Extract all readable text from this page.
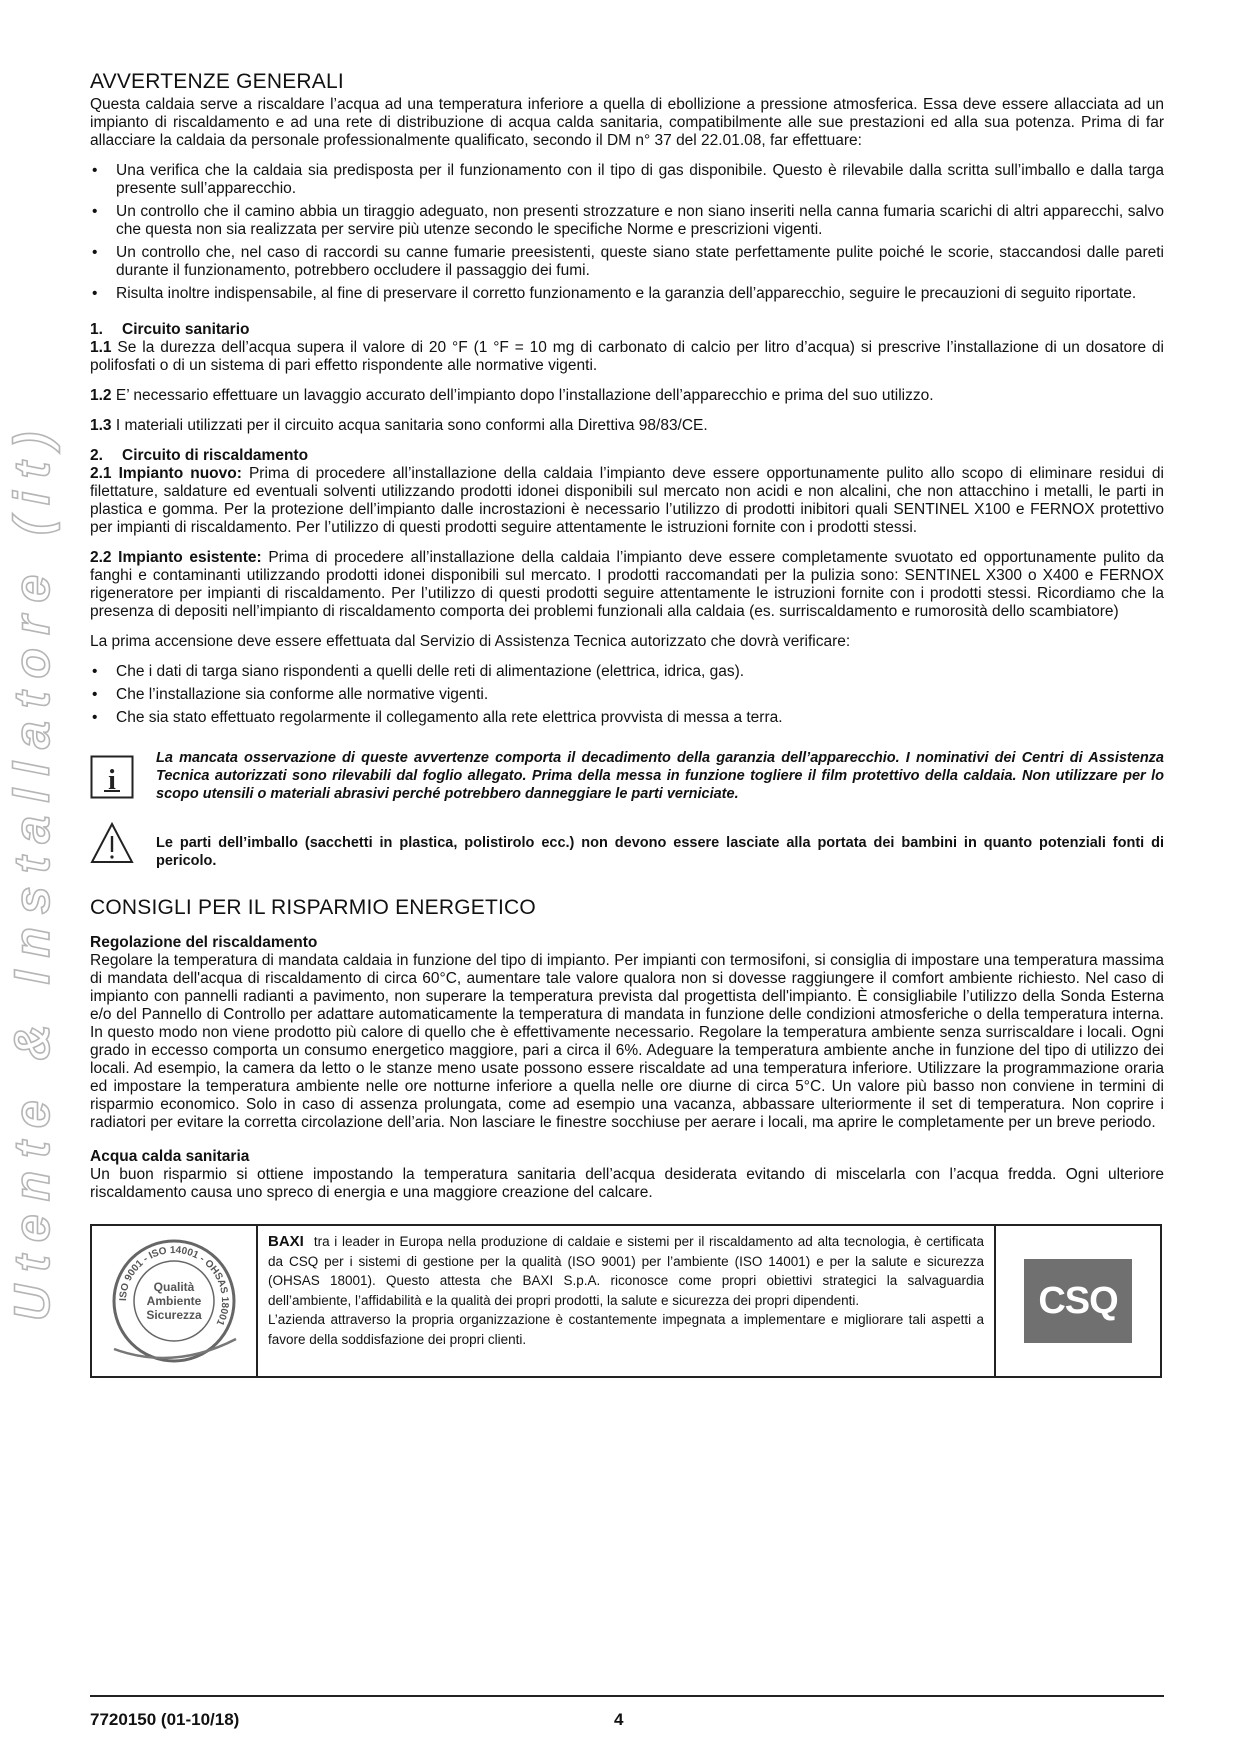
Utente & Installatore (it)
AVVERTENZE GENERALI

Questa caldaia serve a riscaldare l’acqua ad una temperatura inferiore a quella di ebollizione a pressione atmosferica. Essa deve essere allacciata ad un impianto di riscaldamento e ad una rete di distribuzione di acqua calda sanitaria, compatibilmente alle sue prestazioni ed alla sua potenza. Prima di far allacciare la caldaia da personale professionalmente qualificato, secondo il DM n° 37 del 22.01.08, far effettuare:

• Una verifica che la caldaia sia predisposta per il funzionamento con il tipo di gas disponibile. Questo è rilevabile dalla scritta sull’imballo e dalla targa presente sull’apparecchio.
• Un controllo che il camino abbia un tiraggio adeguato, non presenti strozzature e non siano inseriti nella canna fumaria scarichi di altri apparecchi, salvo che questa non sia realizzata per servire più utenze secondo le specifiche Norme e prescrizioni vigenti.
• Un controllo che, nel caso di raccordi su canne fumarie preesistenti, queste siano state perfettamente pulite poiché le scorie, staccandosi dalle pareti durante il funzionamento, potrebbero occludere il passaggio dei fumi.
• Risulta inoltre indispensabile, al fine di preservare il corretto funzionamento e la garanzia dell’apparecchio, seguire le precauzioni di seguito riportate.
1. Circuito sanitario

1.1 Se la durezza dell’acqua supera il valore di 20 °F (1 °F = 10 mg di carbonato di calcio per litro d’acqua) si prescrive l’installazione di un dosatore di polifosfati o di un sistema di pari effetto rispondente alle normative vigenti.

1.2 E’ necessario effettuare un lavaggio accurato dell’impianto dopo l’installazione dell’apparecchio e prima del suo utilizzo.

1.3 I materiali utilizzati per il circuito acqua sanitaria sono conformi alla Direttiva 98/83/CE.

2. Circuito di riscaldamento

2.1 Impianto nuovo: Prima di procedere all’installazione della caldaia l’impianto deve essere opportunamente pulito allo scopo di eliminare residui di filettature, saldature ed eventuali solventi utilizzando prodotti idonei disponibili sul mercato non acidi e non alcalini, che non attacchino i metalli, le parti in plastica e gomma. Per la protezione dell’impianto dalle incrostazioni è necessario l’utilizzo di prodotti inibitori quali SENTINEL X100 e FERNOX protettivo per impianti di riscaldamento. Per l’utilizzo di questi prodotti seguire attentamente le istruzioni fornite con i prodotti stessi.

2.2 Impianto esistente: Prima di procedere all’installazione della caldaia l’impianto deve essere completamente svuotato ed opportunamente pulito da fanghi e contaminanti utilizzando prodotti idonei disponibili sul mercato. I prodotti raccomandati per la pulizia sono: SENTINEL X300 o X400 e FERNOX rigeneratore per impianti di riscaldamento. Per l’utilizzo di questi prodotti seguire attentamente le istruzioni fornite con i prodotti stessi. Ricordiamo che la presenza di depositi nell’impianto di riscaldamento comporta dei problemi funzionali alla caldaia (es. surriscaldamento e rumorosità dello scambiatore)

La prima accensione deve essere effettuata dal Servizio di Assistenza Tecnica autorizzato che dovrà verificare:

• Che i dati di targa siano rispondenti a quelli delle reti di alimentazione (elettrica, idrica, gas).
• Che l’installazione sia conforme alle normative vigenti.
• Che sia stato effettuato regolarmente il collegamento alla rete elettrica provvista di messa a terra.
i
La mancata osservazione di queste avvertenze comporta il decadimento della garanzia dell’apparecchio. I nominativi dei Centri di Assistenza Tecnica autorizzati sono rilevabili dal foglio allegato. Prima della messa in funzione togliere il film protettivo della caldaia. Non utilizzare per lo scopo utensili o materiali abrasivi perché potrebbero danneggiare le parti verniciate.
Le parti dell’imballo (sacchetti in plastica, polistirolo ecc.) non devono essere lasciate alla portata dei bambini in quanto potenziali fonti di pericolo.
CONSIGLI PER IL RISPARMIO ENERGETICO
Regolazione del riscaldamento

Regolare la temperatura di mandata caldaia in funzione del tipo di impianto. Per impianti con termosifoni, si consiglia di impostare una temperatura massima di mandata dell'acqua di riscaldamento di circa 60°C, aumentare tale valore qualora non si dovesse raggiungere il comfort ambiente richiesto. Nel caso di impianto con pannelli radianti a pavimento, non superare la temperatura prevista dal progettista dell'impianto. È consigliabile l’utilizzo della Sonda Esterna e/o del Pannello di Controllo per adattare automaticamente la temperatura di mandata in funzione delle condizioni atmosferiche o della temperatura interna. In questo modo non viene prodotto più calore di quello che è effettivamente necessario. Regolare la temperatura ambiente senza surriscaldare i locali. Ogni grado in eccesso comporta un consumo energetico maggiore, pari a circa il 6%. Adeguare la temperatura ambiente anche in funzione del tipo di utilizzo dei locali. Ad esempio, la camera da letto o le stanze meno usate possono essere riscaldate ad una temperatura inferiore. Utilizzare la programmazione oraria ed impostare la temperatura ambiente nelle ore notturne inferiore a quella nelle ore diurne di circa 5°C. Un valore più basso non conviene in termini di risparmio economico. Solo in caso di assenza prolungata, come ad esempio una vacanza, abbassare ulteriormente il set di temperatura. Non coprire i radiatori per evitare la corretta circolazione dell’aria. Non lasciare le finestre socchiuse per aerare i locali, ma aprire le completamente per un breve periodo.

Acqua calda sanitaria

Un buon risparmio si ottiene impostando la temperatura sanitaria dell’acqua desiderata evitando di miscelarla con l’acqua fredda. Ogni ulteriore riscaldamento causa uno spreco di energia e una maggiore creazione del calcare.

ISO 9001 - ISO 14001 - OHSAS 18001
Qualità
Ambiente
Sicurezza
BAXI tra i leader in Europa nella produzione di caldaie e sistemi per il riscaldamento ad alta tecnologia, è certificata da CSQ per i sistemi di gestione per la qualità (ISO 9001) per l’ambiente (ISO 14001) e per la salute e sicurezza (OHSAS 18001). Questo attesta che BAXI S.p.A. riconosce come propri obiettivi strategici la salvaguardia dell’ambiente, l’affidabilità e la qualità dei propri prodotti, la salute e sicurezza dei propri dipendenti.
L’azienda attraverso la propria organizzazione è costantemente impegnata a implementare e migliorare tali aspetti a favore della soddisfazione dei propri clienti.
CSQ
7720150 (01-10/18)	4
